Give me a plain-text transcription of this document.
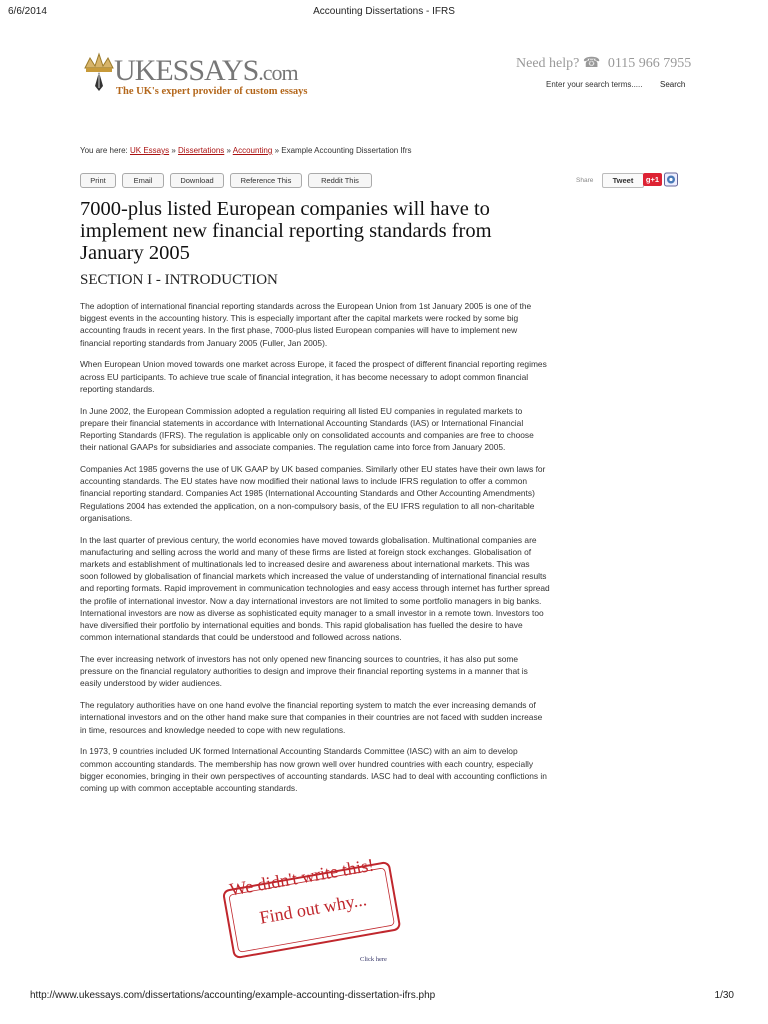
6/6/2014	Accounting Dissertations - IFRS
UKESSAYS.com
The UK's expert provider of custom essays
Need help? ☎ 0115 966 7955
Enter your search terms..... Search
You are here: UK Essays » Dissertations » Accounting » Example Accounting Dissertation Ifrs
Print	Email	Download	Reference This	Reddit This	Share	Tweet	g+1
7000-plus listed European companies will have to implement new financial reporting standards from January 2005
SECTION I - INTRODUCTION

The adoption of international financial reporting standards across the European Union from 1st January 2005 is one of the biggest events in the accounting history. This is especially important after the capital markets were rocked by some big accounting frauds in recent years. In the first phase, 7000-plus listed European companies will have to implement new financial reporting standards from January 2005 (Fuller, Jan 2005).

When European Union moved towards one market across Europe, it faced the prospect of different financial reporting regimes across EU participants. To achieve true scale of financial integration, it has become necessary to adopt common financial reporting standards.

In June 2002, the European Commission adopted a regulation requiring all listed EU companies in regulated markets to prepare their financial statements in accordance with International Accounting Standards (IAS) or International Financial Reporting Standards (IFRS). The regulation is applicable only on consolidated accounts and companies are free to choose their national GAAPs for subsidiaries and associate companies. The regulation came into force from January 2005.

Companies Act 1985 governs the use of UK GAAP by UK based companies. Similarly other EU states have their own laws for accounting standards. The EU states have now modified their national laws to include IFRS regulation to offer a common financial reporting standard. Companies Act 1985 (International Accounting Standards and Other Accounting Amendments) Regulations 2004 has extended the application, on a non-compulsory basis, of the EU IFRS regulation to all non-charitable organisations.

In the last quarter of previous century, the world economies have moved towards globalisation. Multinational companies are manufacturing and selling across the world and many of these firms are listed at foreign stock exchanges. Globalisation of markets and establishment of multinationals led to increased desire and awareness about international markets. This was soon followed by globalisation of financial markets which increased the value of understanding of international financial results and reporting formats. Rapid improvement in communication technologies and easy access through internet has further spread the profile of international investor. Now a day international investors are not limited to some portfolio managers in big banks. International investors are now as diverse as sophisticated equity manager to a small investor in a remote town. Investors too have diversified their portfolio by international equities and bonds. This rapid globalisation has fuelled the desire to have common international standards that could be understood and followed across nations.

The ever increasing network of investors has not only opened new financing sources to countries, it has also put some pressure on the financial regulatory authorities to design and improve their financial reporting systems in a manner that is easily understood by wider audiences.

The regulatory authorities have on one hand evolve the financial reporting system to match the ever increasing demands of international investors and on the other hand make sure that companies in their countries are not faced with sudden increase in time, resources and knowledge needed to cope with new regulations.

In 1973, 9 countries included UK formed International Accounting Standards Committee (IASC) with an aim to develop common accounting standards. The membership has now grown well over hundred countries with each country, especially bigger economies, bringing in their own perspectives of accounting standards. IASC had to deal with accounting conflictions in coming up with common acceptable accounting standards.

We didn't write this!
Find out why...
Click here
http://www.ukessays.com/dissertations/accounting/example-accounting-dissertation-ifrs.php	1/30
